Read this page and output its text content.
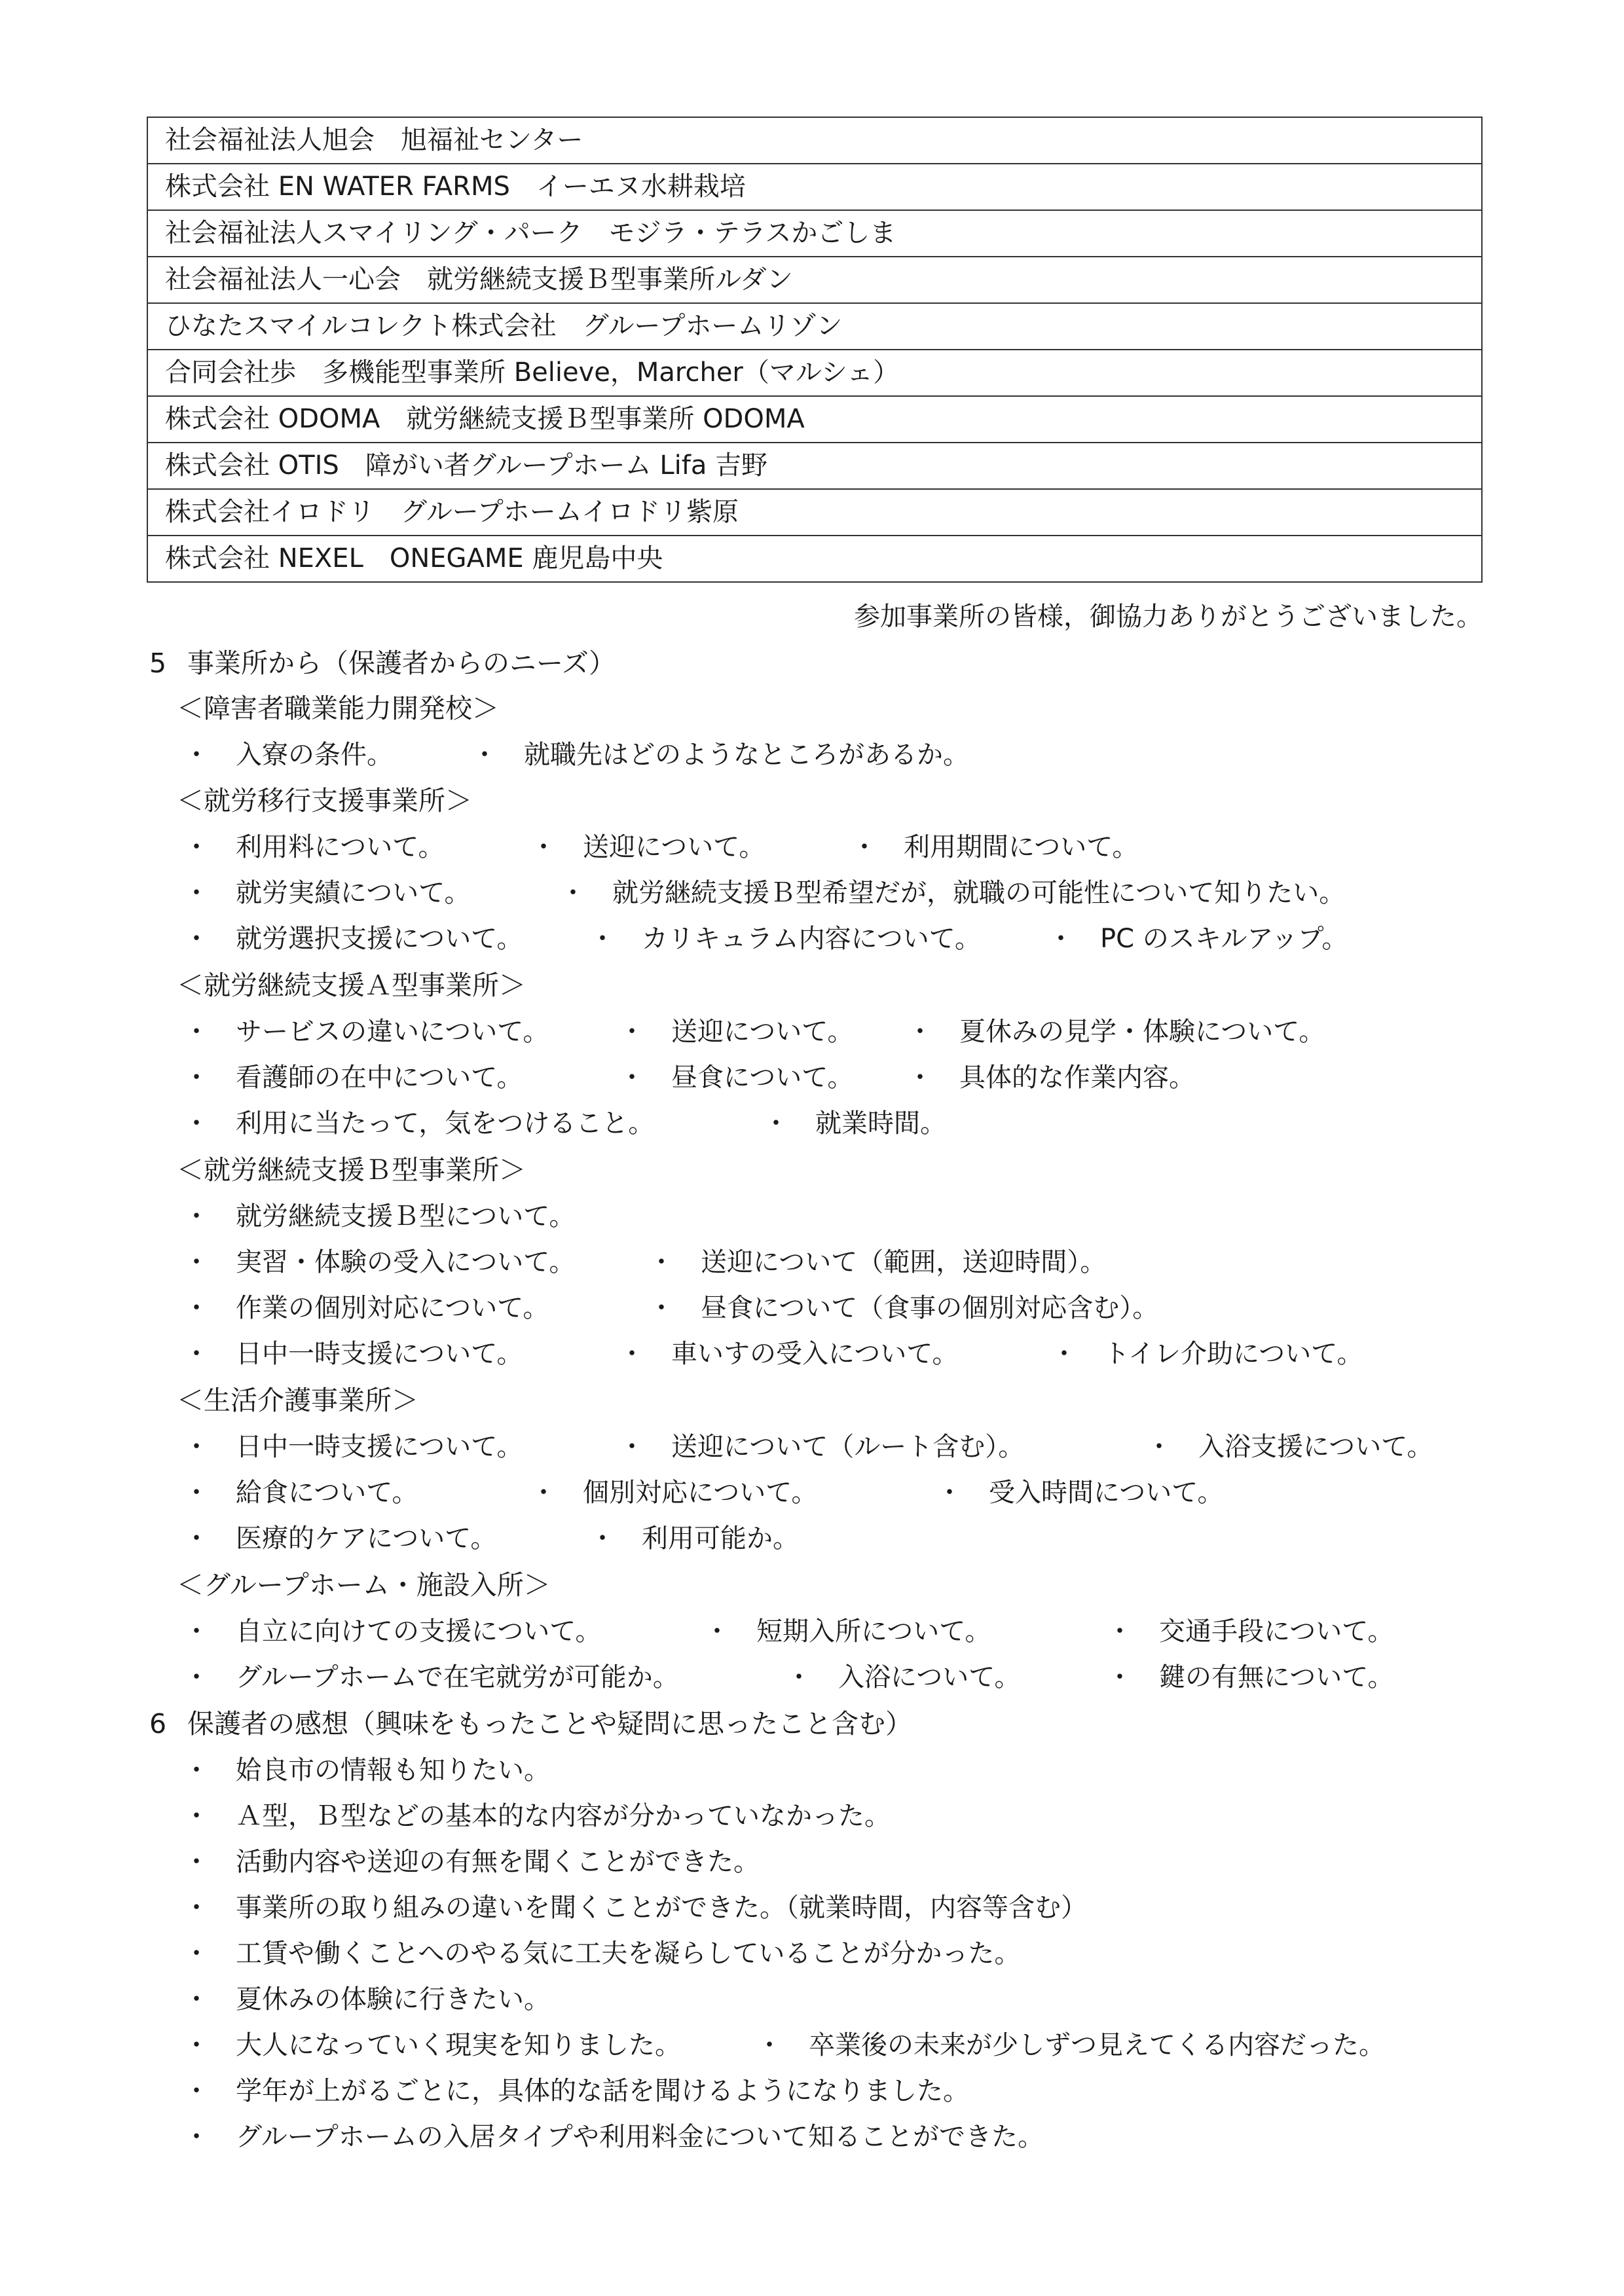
社会福祉法人旭会　旭福祉センター
株式会社 EN WATER FARMS　イーエヌ水耕栽培
社会福祉法人スマイリング・パーク　モジラ・テラスかごしま
社会福祉法人一心会　就労継続支援Ｂ型事業所ルダン
ひなたスマイルコレクト株式会社　グループホームリゾン
合同会社歩　多機能型事業所 Believe，Marcher（マルシェ）
株式会社 ODOMA　就労継続支援Ｂ型事業所 ODOMA
株式会社 OTIS　障がい者グループホーム Lifa 吉野
株式会社イロドリ　グループホームイロドリ紫原
株式会社 NEXEL　ONEGAME 鹿児島中央
参加事業所の皆様，御協力ありがとうございました。
5 事業所から（保護者からのニーズ）
＜障害者職業能力開発校＞
・ 入寮の条件。	・ 就職先はどのようなところがあるか。
＜就労移行支援事業所＞
・ 利用料について。	・ 送迎について。	・ 利用期間について。
・ 就労実績について。	・ 就労継続支援Ｂ型希望だが，就職の可能性について知りたい。
・ 就労選択支援について。	・ カリキュラム内容について。	・ PC のスキルアップ。
＜就労継続支援Ａ型事業所＞
・ サービスの違いについて。	・ 送迎について。 ・ 夏休みの見学・体験について。
・ 看護師の在中について。	・ 昼食について。 ・ 具体的な作業内容。
・ 利用に当たって，気をつけること。	・ 就業時間。
＜就労継続支援Ｂ型事業所＞
・ 就労継続支援Ｂ型について。
・ 実習・体験の受入について。	・ 送迎について（範囲，送迎時間）。
・ 作業の個別対応について。	・ 昼食について（食事の個別対応含む）。
・ 日中一時支援について。	・ 車いすの受入について。	・ トイレ介助について。
＜生活介護事業所＞
・ 日中一時支援について。	・ 送迎について（ルート含む）。	・ 入浴支援について。
・ 給食について。	・ 個別対応について。	・ 受入時間について。
・ 医療的ケアについて。	・ 利用可能か。
＜グループホーム・施設入所＞
・ 自立に向けての支援について。	・ 短期入所について。	・ 交通手段について。
・ グループホームで在宅就労が可能か。	・ 入浴について。	・ 鍵の有無について。
6 保護者の感想（興味をもったことや疑問に思ったこと含む）
・ 姶良市の情報も知りたい。
・ Ａ型，Ｂ型などの基本的な内容が分かっていなかった。
・ 活動内容や送迎の有無を聞くことができた。
・ 事業所の取り組みの違いを聞くことができた。（就業時間，内容等含む）
・ 工賃や働くことへのやる気に工夫を凝らしていることが分かった。
・ 夏休みの体験に行きたい。
・ 大人になっていく現実を知りました。	・ 卒業後の未来が少しずつ見えてくる内容だった。
・ 学年が上がるごとに，具体的な話を聞けるようになりました。
・ グループホームの入居タイプや利用料金について知ることができた。
